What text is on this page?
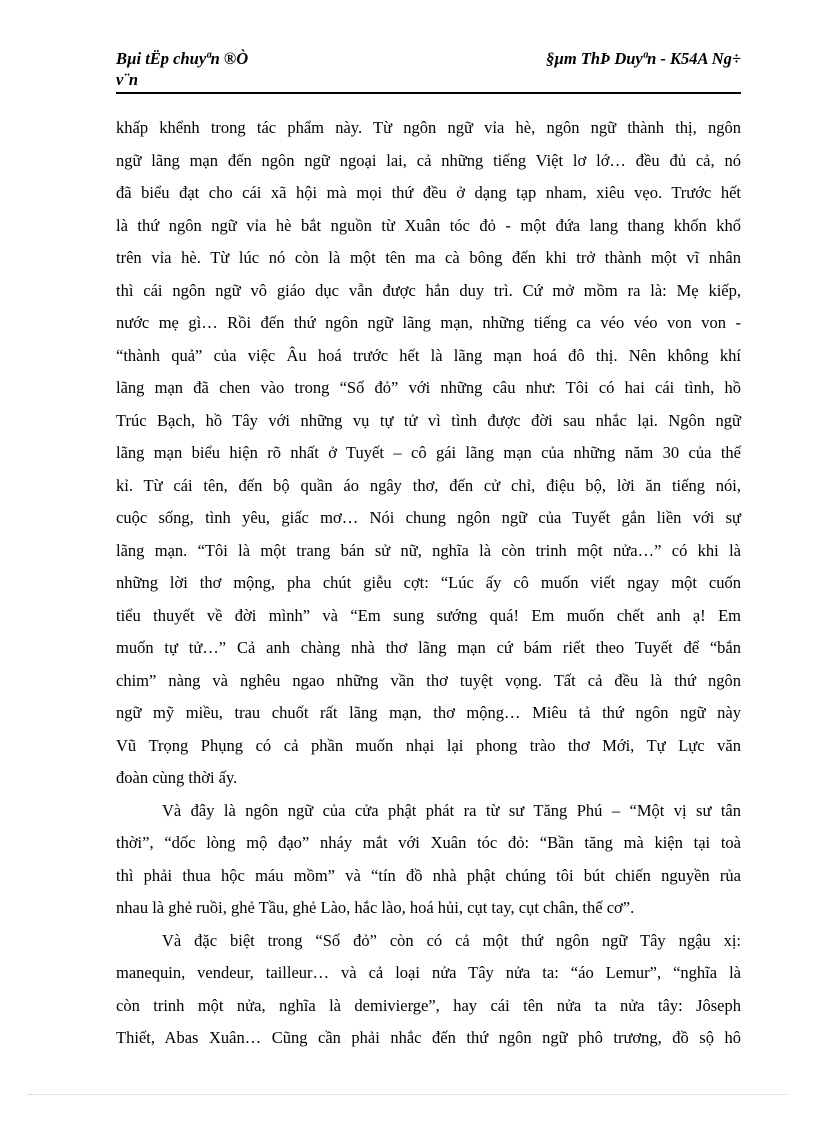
Bµi tËp chuyªn ®Ò
v¨n
§µm ThÞ Duyªn - K54A Ng÷
khấp khểnh trong tác phẩm này. Từ ngôn ngữ vỉa hè, ngôn ngữ thành thị, ngôn
ngữ lãng mạn đến ngôn ngữ ngoại lai, cả những tiếng Việt lơ lớ… đều đủ cả, nó
đã biểu đạt cho cái xã hội mà mọi thứ đều ở dạng tạp nham, xiêu vẹo. Trước hết
là thứ ngôn ngữ vỉa hè bắt nguồn từ Xuân tóc đỏ - một đứa lang thang khốn khổ
trên vỉa hè. Từ lúc nó còn là một tên ma cà bông đến khi trở thành một vĩ nhân
thì cái ngôn ngữ vô giáo dục vẫn được hắn duy trì. Cứ mở mồm ra là: Mẹ kiếp,
nước mẹ gì… Rồi đến thứ ngôn ngữ lãng mạn, những tiếng ca véo véo von von -
“thành quả” của việc Âu hoá trước hết là lãng mạn hoá đô thị. Nên không khí
lãng mạn đã chen vào trong “Số đỏ” với những câu như: Tôi có hai cái tình, hồ
Trúc Bạch, hồ Tây với những vụ tự tử vì tình được đời sau nhắc lại. Ngôn ngữ
lãng mạn biểu hiện rõ nhất ở Tuyết – cô gái lãng mạn của những năm 30 của thế
kỉ. Từ cái tên, đến bộ quần áo ngây thơ, đến cử chỉ, điệu bộ, lời ăn tiếng nói,
cuộc sống, tình yêu, giấc mơ… Nói chung ngôn ngữ của Tuyết gắn liền với sự
lãng mạn. “Tôi là một trang bán sử nữ, nghĩa là còn trinh một nửa…” có khi là
những lời thơ mộng, pha chút giễu cợt: “Lúc ấy cô muốn viết ngay một cuốn
tiểu thuyết về đời mình” và “Em sung sướng quá! Em muốn chết anh ạ! Em
muốn tự tử…” Cả anh chàng nhà thơ lãng mạn cứ bám riết theo Tuyết để “bắn
chim” nàng và nghêu ngao những vần thơ tuyệt vọng. Tất cả đều là thứ ngôn
ngữ mỹ miều, trau chuốt rất lãng mạn, thơ mộng… Miêu tả thứ ngôn ngữ này
Vũ Trọng Phụng có cả phần muốn nhại lại phong trào thơ Mới, Tự Lực văn
đoàn cùng thời ấy.
Và đây là ngôn ngữ của cửa phật phát ra từ sư Tăng Phú – “Một vị sư tân
thời”, “dốc lòng mộ đạo” nháy mắt với Xuân tóc đỏ: “Bần tăng mà kiện tại toà
thì phải thua hộc máu mồm” và “tín đồ nhà phật chúng tôi bút chiến nguyền rủa
nhau là ghẻ ruồi, ghẻ Tầu, ghẻ Lào, hắc lào, hoá hủi, cụt tay, cụt chân, thế cơ”.
Và đặc biệt trong “Số đỏ” còn có cả một thứ ngôn ngữ Tây ngậu xị:
manequin, vendeur, tailleur… và cả loại nửa Tây nửa ta: “áo Lemur”, “nghĩa là
còn trinh một nửa, nghĩa là demivierge”, hay cái tên nửa ta nửa tây: Jôseph
Thiết, Abas Xuân… Cũng cần phải nhắc đến thứ ngôn ngữ phô trương, đồ sộ hô
